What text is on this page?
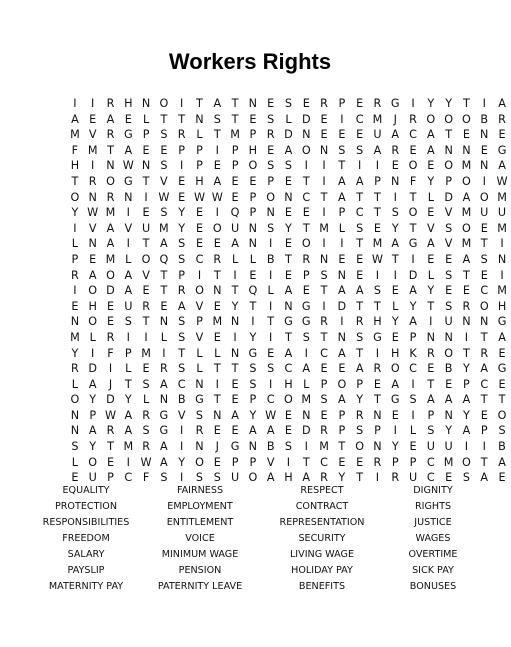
Workers Rights
I	I	R H N O	I	T A T N E S E R P E R G	I	Y Y T	I	A
A E A E L	T T N S T E S L D E	I	C M	J	R O O O B R
M V R G P S R L	T M P R D N E E E U A C A T E N E
F M T A E E P P	I	P H E A O N S S A R E A N N E G
H	I	N W N S	I	P E P O S S	I	I	T	I	I	E O E O M N A
T R O G T V E H A E E P E T	I	A A P N F Y P O	I W
O N R N	I W E W W E P O N C T A T T	I	T	L D A O M
Y W M	I	E S Y E	I	Q P N E E	I	P C T S O E V M U U
I	V A V U M Y E O U N S Y T M L S E Y T V S O E M
L N A	I	T A S E E A N	I	E O	I	I	T M A G A V M T	I
P E M L O Q S C R L	L B T R N E E W T	I	E E A S N
R A O A V T P	I	T	I	E	I	E P S N E	I	I	D L S T E	I
I	O D A E T R O N T Q L A E T A A S E A Y E E C M
E H E U R E A V E Y T	I	N G	I	D T T	L	Y T S R O H
N O E S T N S P M N	I	T G G R	I	R H Y A	I	U N N G
M L R	I	I	L S V E	I	Y	I	T S T N S G E P N N	I	T A
Y	I	F	P M	I	T	L	L N G E A	I	C A T	I	H K R O T R E
R D	I	L E R S L	T T S S C A E E A R O C E B Y A G
L A	J	T S A C N	I	E S	I	H L	P O P E A	I	T E P C E
O Y D Y	L N B G T E P C O M S A Y T G S A A A T T
N P W A R G V S N A Y W E N E P R N E	I	P N Y E O
N A R A S G	I	R E E A A E D R P S P	I	L S Y A P S
S Y T M R A	I	N	J	G N B S	I	M T O N Y E U U	I	I	B
L O E	I W A Y O E P P V	I	T C E E R P P C M O T A
E U P C F S	I	S S U O A H A R Y T	I	R U C E S A E
EQUALITY	FAIRNESS	RESPECT	DIGNITY
PROTECTION	EMPLOYMENT	CONTRACT	RIGHTS
RESPONSIBILITIES	ENTITLEMENT	REPRESENTATION	JUSTICE
FREEDOM	VOICE	SECURITY	WAGES
SALARY	MINIMUM WAGE	LIVING WAGE	OVERTIME
PAYSLIP	PENSION	HOLIDAY PAY	SICK PAY
MATERNITY PAY	PATERNITY LEAVE	BENEFITS	BONUSES
